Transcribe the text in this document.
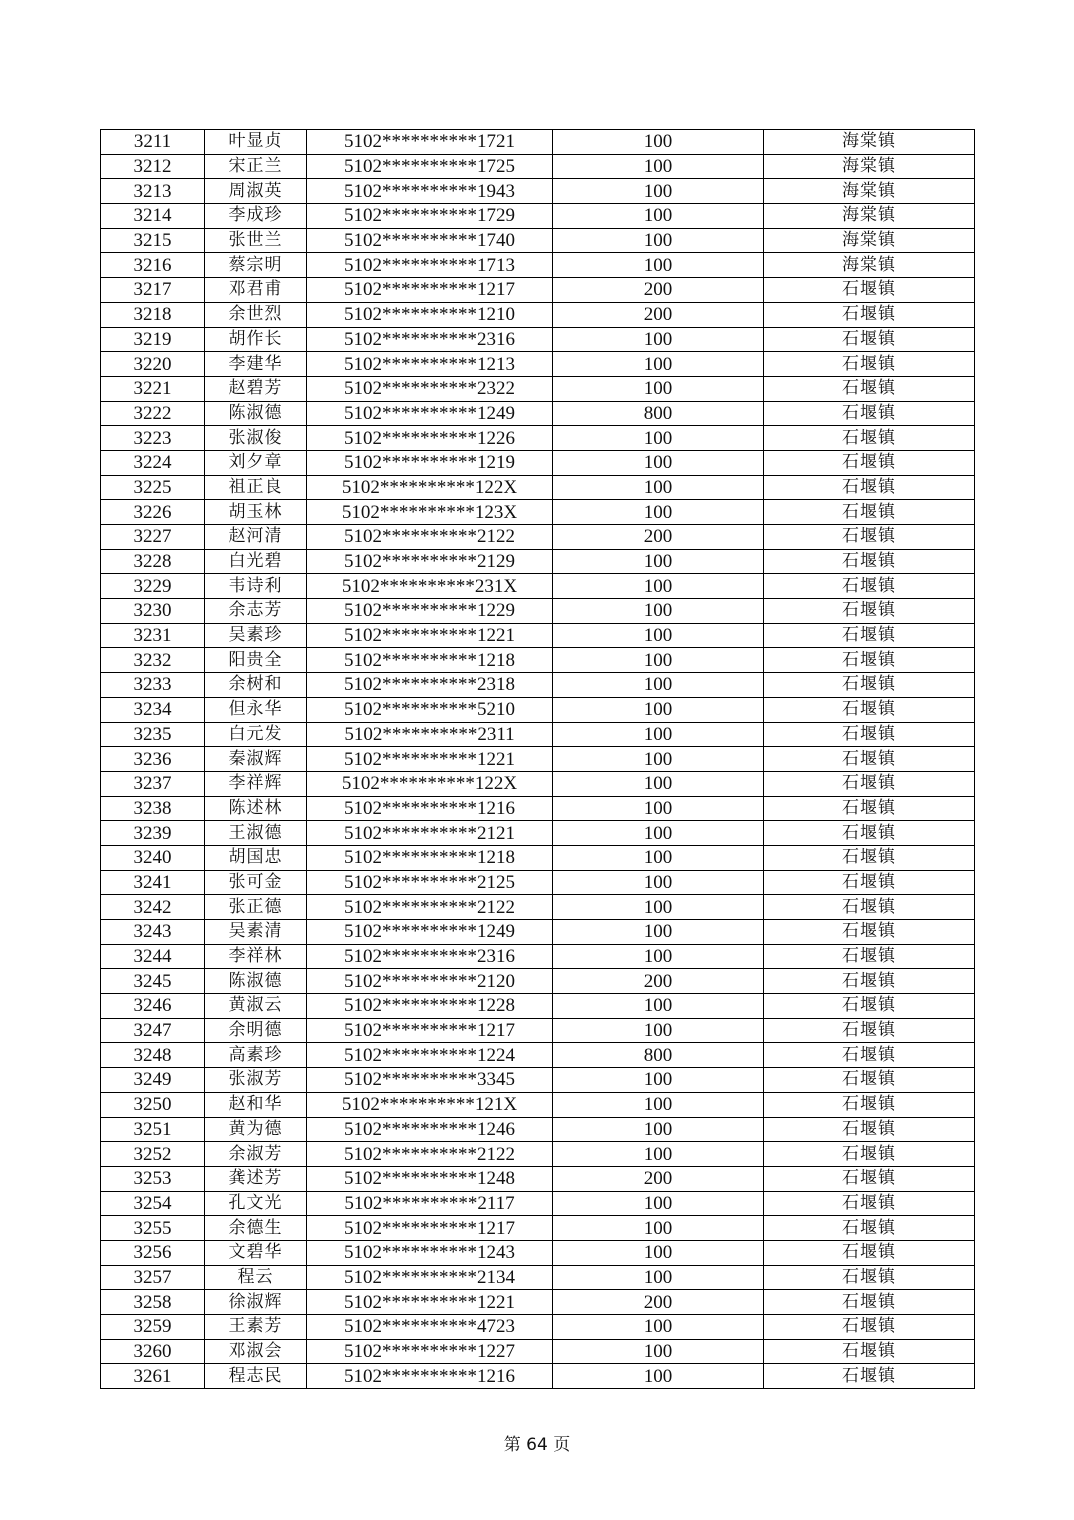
3211	叶显贞	5102**********1721	100	海棠镇
3212	宋正兰	5102**********1725	100	海棠镇
3213	周淑英	5102**********1943	100	海棠镇
3214	李成珍	5102**********1729	100	海棠镇
3215	张世兰	5102**********1740	100	海棠镇
3216	蔡宗明	5102**********1713	100	海棠镇
3217	邓君甫	5102**********1217	200	石堰镇
3218	余世烈	5102**********1210	200	石堰镇
3219	胡作长	5102**********2316	100	石堰镇
3220	李建华	5102**********1213	100	石堰镇
3221	赵碧芳	5102**********2322	100	石堰镇
3222	陈淑德	5102**********1249	800	石堰镇
3223	张淑俊	5102**********1226	100	石堰镇
3224	刘夕章	5102**********1219	100	石堰镇
3225	祖正良	5102**********122X	100	石堰镇
3226	胡玉林	5102**********123X	100	石堰镇
3227	赵河清	5102**********2122	200	石堰镇
3228	白光碧	5102**********2129	100	石堰镇
3229	韦诗利	5102**********231X	100	石堰镇
3230	余志芳	5102**********1229	100	石堰镇
3231	吴素珍	5102**********1221	100	石堰镇
3232	阳贵全	5102**********1218	100	石堰镇
3233	余树和	5102**********2318	100	石堰镇
3234	但永华	5102**********5210	100	石堰镇
3235	白元发	5102**********2311	100	石堰镇
3236	秦淑辉	5102**********1221	100	石堰镇
3237	李祥辉	5102**********122X	100	石堰镇
3238	陈述林	5102**********1216	100	石堰镇
3239	王淑德	5102**********2121	100	石堰镇
3240	胡国忠	5102**********1218	100	石堰镇
3241	张可金	5102**********2125	100	石堰镇
3242	张正德	5102**********2122	100	石堰镇
3243	吴素清	5102**********1249	100	石堰镇
3244	李祥林	5102**********2316	100	石堰镇
3245	陈淑德	5102**********2120	200	石堰镇
3246	黄淑云	5102**********1228	100	石堰镇
3247	余明德	5102**********1217	100	石堰镇
3248	高素珍	5102**********1224	800	石堰镇
3249	张淑芳	5102**********3345	100	石堰镇
3250	赵和华	5102**********121X	100	石堰镇
3251	黄为德	5102**********1246	100	石堰镇
3252	余淑芳	5102**********2122	100	石堰镇
3253	龚述芳	5102**********1248	200	石堰镇
3254	孔文光	5102**********2117	100	石堰镇
3255	余德生	5102**********1217	100	石堰镇
3256	文碧华	5102**********1243	100	石堰镇
3257	程云	5102**********2134	100	石堰镇
3258	徐淑辉	5102**********1221	200	石堰镇
3259	王素芳	5102**********4723	100	石堰镇
3260	邓淑会	5102**********1227	100	石堰镇
3261	程志民	5102**********1216	100	石堰镇
第 64 页
